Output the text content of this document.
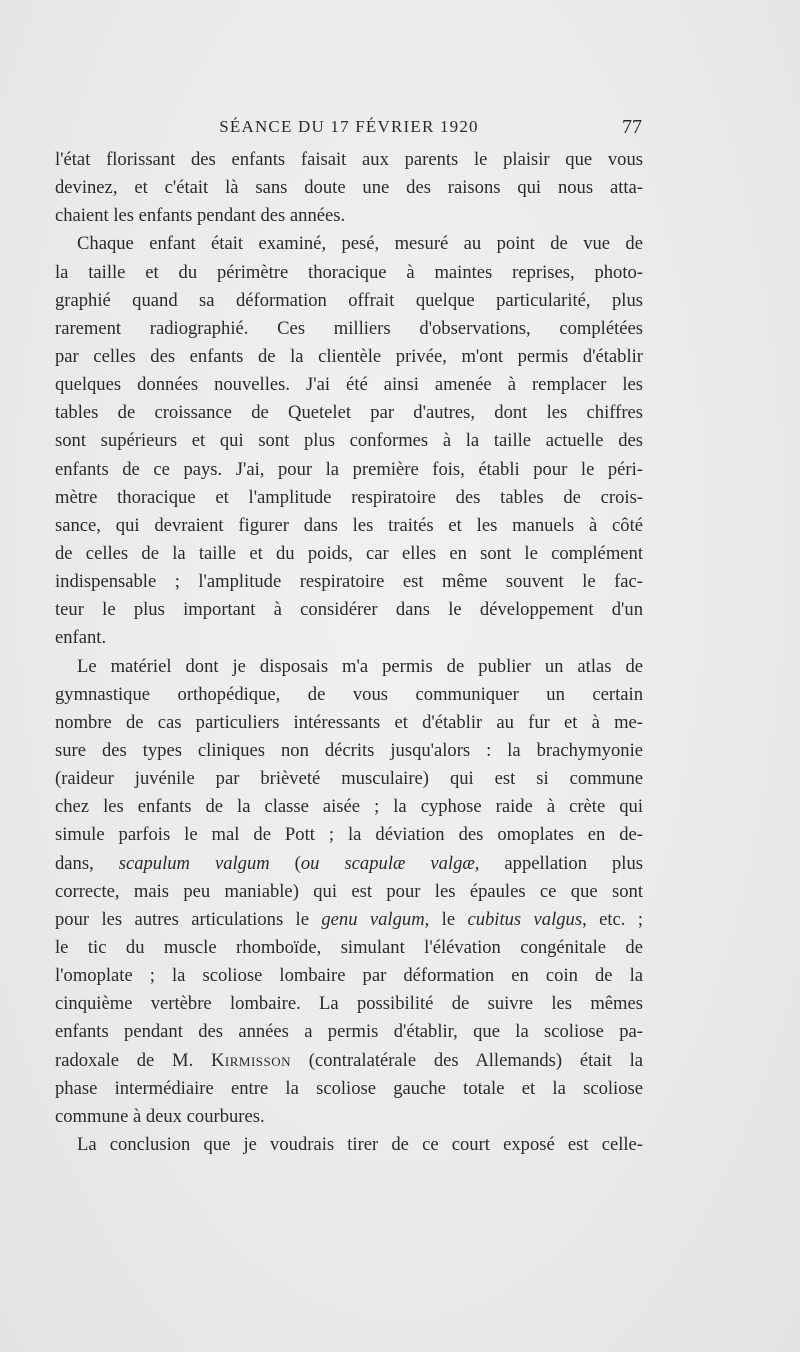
SÉANCE DU 17 FÉVRIER 1920	77
l'état florissant des enfants faisait aux parents le plaisir que vous
devinez, et c'était là sans doute une des raisons qui nous atta-
chaient les enfants pendant des années.
Chaque enfant était examiné, pesé, mesuré au point de vue de
la taille et du périmètre thoracique à maintes reprises, photo-
graphié quand sa déformation offrait quelque particularité, plus
rarement radiographié. Ces milliers d'observations, complétées
par celles des enfants de la clientèle privée, m'ont permis d'établir
quelques données nouvelles. J'ai été ainsi amenée à remplacer les
tables de croissance de Quetelet par d'autres, dont les chiffres
sont supérieurs et qui sont plus conformes à la taille actuelle des
enfants de ce pays. J'ai, pour la première fois, établi pour le péri-
mètre thoracique et l'amplitude respiratoire des tables de crois-
sance, qui devraient figurer dans les traités et les manuels à côté
de celles de la taille et du poids, car elles en sont le complément
indispensable ; l'amplitude respiratoire est même souvent le fac-
teur le plus important à considérer dans le développement d'un
enfant.
Le matériel dont je disposais m'a permis de publier un atlas de
gymnastique orthopédique, de vous communiquer un certain
nombre de cas particuliers intéressants et d'établir au fur et à me-
sure des types cliniques non décrits jusqu'alors : la brachymyonie
(raideur juvénile par brièveté musculaire) qui est si commune
chez les enfants de la classe aisée ; la cyphose raide à crète qui
simule parfois le mal de Pott ; la déviation des omoplates en de-
dans, scapulum valgum (ou scapulæ valgæ, appellation plus
correcte, mais peu maniable) qui est pour les épaules ce que sont
pour les autres articulations le genu valgum, le cubitus valgus, etc. ;
le tic du muscle rhomboïde, simulant l'élévation congénitale de
l'omoplate ; la scoliose lombaire par déformation en coin de la
cinquième vertèbre lombaire. La possibilité de suivre les mêmes
enfants pendant des années a permis d'établir, que la scoliose pa-
radoxale de M. Kirmisson (contralatérale des Allemands) était la
phase intermédiaire entre la scoliose gauche totale et la scoliose
commune à deux courbures.
La conclusion que je voudrais tirer de ce court exposé est celle-
